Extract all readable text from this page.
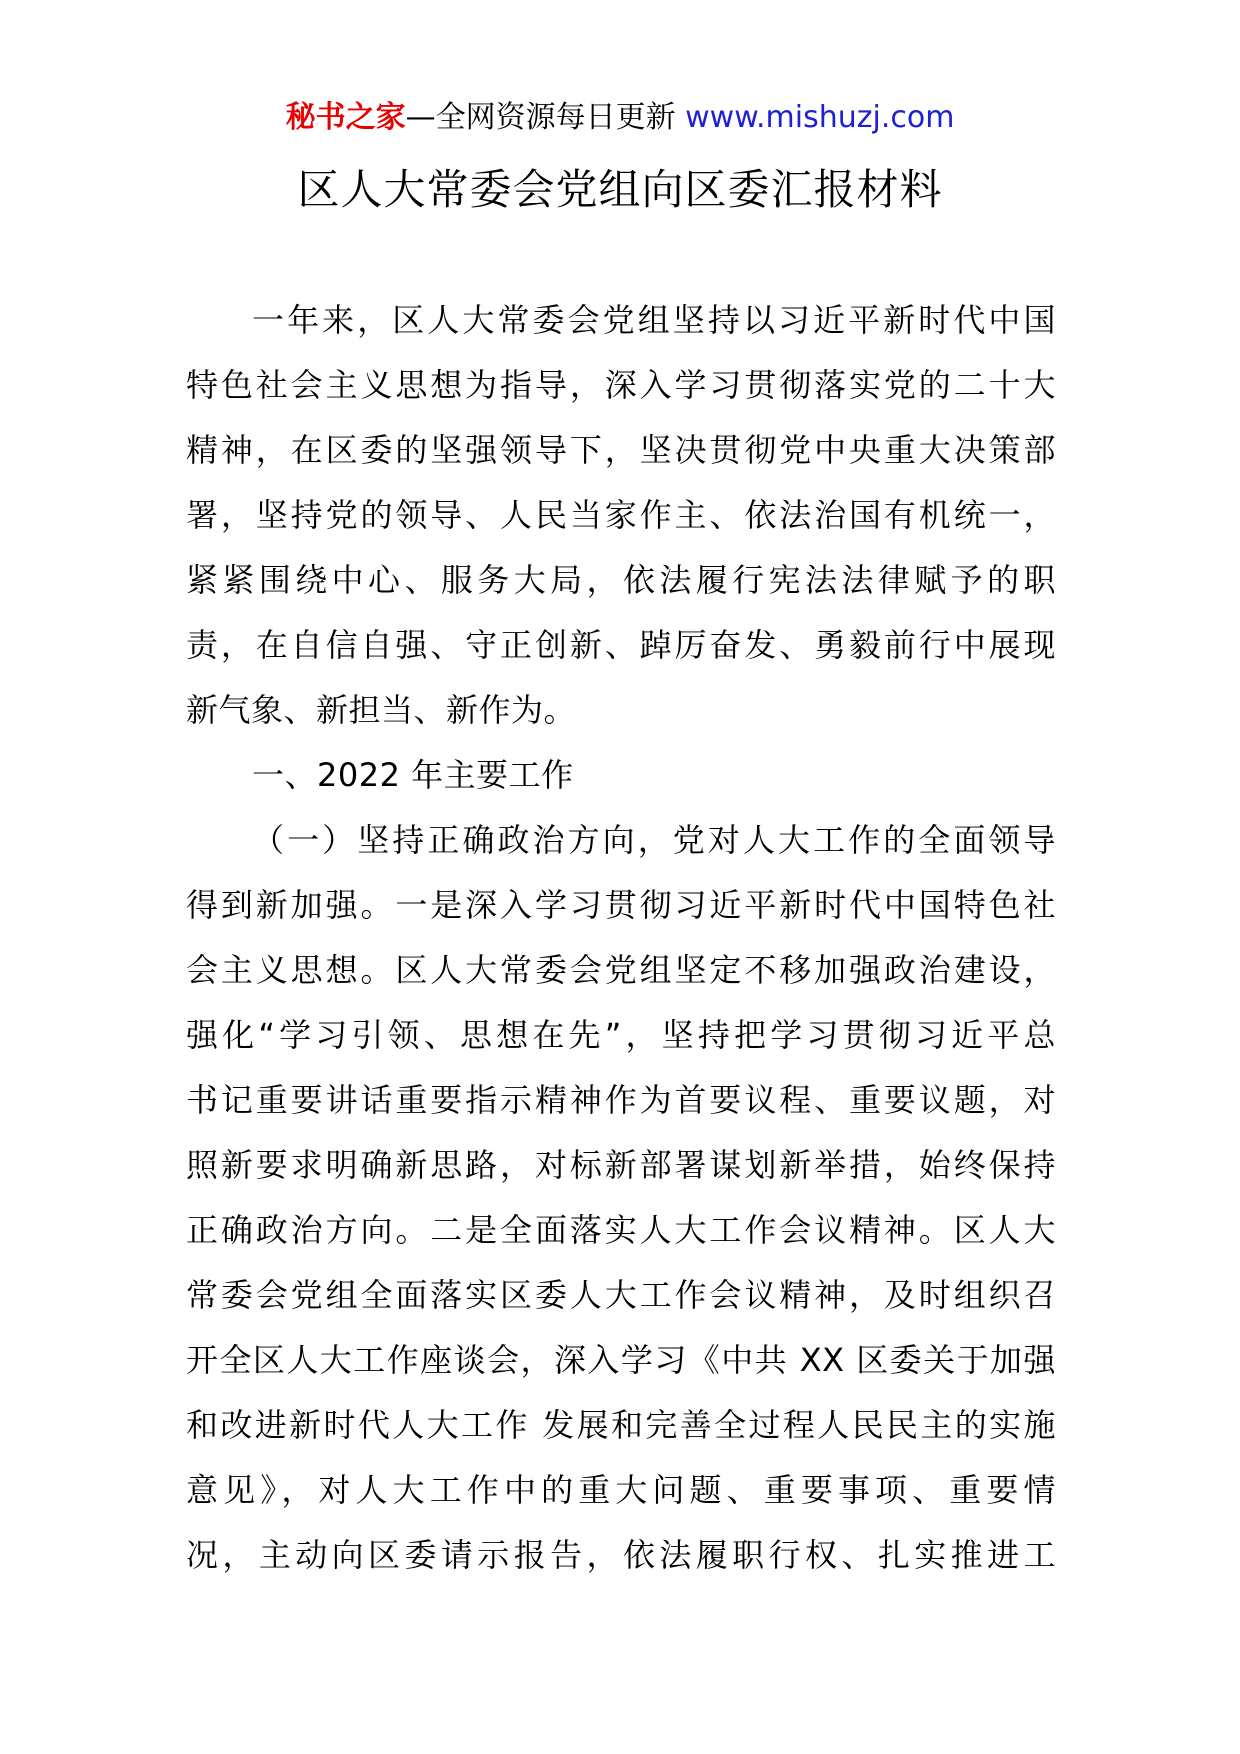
秘书之家—全网资源每日更新 www.mishuzj.com
区人大常委会党组向区委汇报材料
一年来，区人大常委会党组坚持以习近平新时代中国
特色社会主义思想为指导，深入学习贯彻落实党的二十大
精神，在区委的坚强领导下，坚决贯彻党中央重大决策部
署，坚持党的领导、人民当家作主、依法治国有机统一，
紧紧围绕中心、服务大局，依法履行宪法法律赋予的职
责，在自信自强、守正创新、踔厉奋发、勇毅前行中展现
新气象、新担当、新作为。
一、2022 年主要工作
（一）坚持正确政治方向，党对人大工作的全面领导
得到新加强。一是深入学习贯彻习近平新时代中国特色社
会主义思想。区人大常委会党组坚定不移加强政治建设，
强化“学习引领、思想在先”，坚持把学习贯彻习近平总
书记重要讲话重要指示精神作为首要议程、重要议题，对
照新要求明确新思路，对标新部署谋划新举措，始终保持
正确政治方向。二是全面落实人大工作会议精神。区人大
常委会党组全面落实区委人大工作会议精神，及时组织召
开全区人大工作座谈会，深入学习《中共 XX 区委关于加强
和改进新时代人大工作 发展和完善全过程人民民主的实施
意见》，对人大工作中的重大问题、重要事项、重要情
况，主动向区委请示报告，依法履职行权、扎实推进工
